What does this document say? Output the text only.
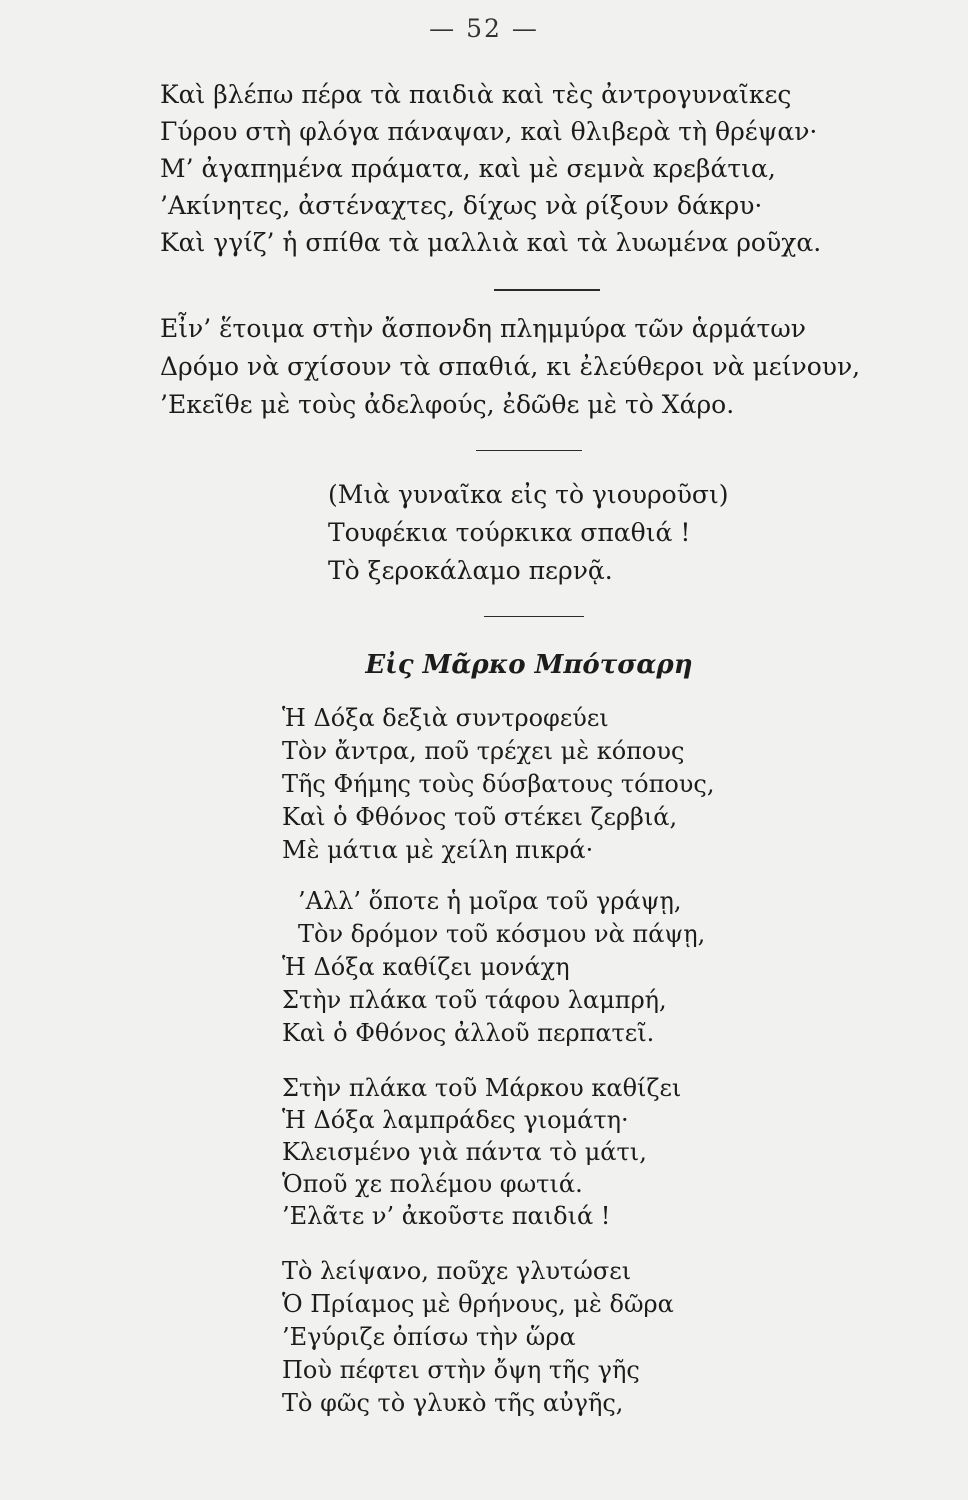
— 52 —
Καὶ βλέπω πέρα τὰ παιδιὰ καὶ τὲς ἀντρογυναῖκες
Γύρου στὴ φλόγα πάναψαν, καὶ θλιβερὰ τὴ θρέψαν·
Μ’ ἀγαπημένα πράματα, καὶ μὲ σεμνὰ κρεβάτια,
’Ακίνητες, ἀστέναχτες, δίχως νὰ ρίξουν δάκρυ·
Καὶ γγίζ’ ἡ σπίθα τὰ μαλλιὰ καὶ τὰ λυωμένα ροῦχα.
Εἶν’ ἕτοιμα στὴν ἄσπονδη πλημμύρα τῶν ἁρμάτων
Δρόμο νὰ σχίσουν τὰ σπαθιά, κι ἐλεύθεροι νὰ μείνουν,
’Εκεῖθε μὲ τοὺς ἀδελφούς, ἐδῶθε μὲ τὸ Χάρο.
(Μιὰ γυναῖκα εἰς τὸ γιουροῦσι)
Τουφέκια τούρκικα σπαθιά !
Τὸ ξεροκάλαμο περνᾷ.
Εἰς Μᾶρκο Μπότσαρη
Ἡ Δόξα δεξιὰ συντροφεύει
Τὸν ἄντρα, ποῦ τρέχει μὲ κόπους
Τῆς Φήμης τοὺς δύσβατους τόπους,
Καὶ ὁ Φθόνος τοῦ στέκει ζερβιά,
Μὲ μάτια μὲ χείλη πικρά·
’Αλλ’ ὅποτε ἡ μοῖρα τοῦ γράψῃ,
Τὸν δρόμον τοῦ κόσμου νὰ πάψῃ,
Ἡ Δόξα καθίζει μονάχη
Στὴν πλάκα τοῦ τάφου λαμπρή,
Καὶ ὁ Φθόνος ἀλλοῦ περπατεῖ.
Στὴν πλάκα τοῦ Μάρκου καθίζει
Ἡ Δόξα λαμπράδες γιομάτη·
Κλεισμένο γιὰ πάντα τὸ μάτι,
Ὁποῦ χε πολέμου φωτιά.
’Ελᾶτε ν’ ἀκοῦστε παιδιά !
Τὸ λείψανο, ποῦχε γλυτώσει
Ὁ Πρίαμος μὲ θρήνους, μὲ δῶρα
’Εγύριζε ὀπίσω τὴν ὥρα
Ποὺ πέφτει στὴν ὄψη τῆς γῆς
Τὸ φῶς τὸ γλυκὸ τῆς αὐγῆς,
